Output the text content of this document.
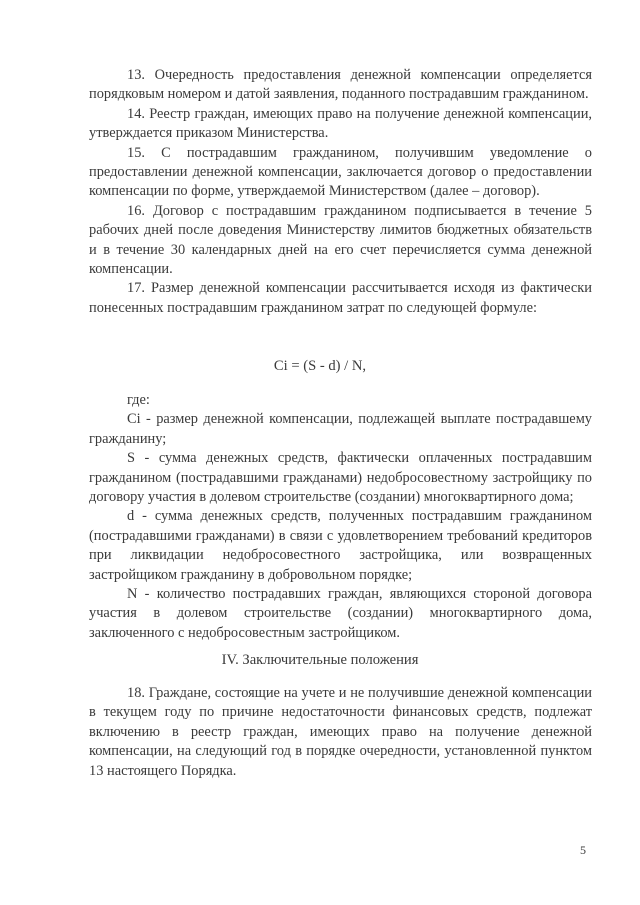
13. Очередность предоставления денежной компенсации определяется порядковым номером и датой заявления, поданного пострадавшим гражданином.

14. Реестр граждан, имеющих право на получение денежной компенсации, утверждается приказом Министерства.

15. С пострадавшим гражданином, получившим уведомление о предоставлении денежной компенсации, заключается договор о предоставлении компенсации по форме, утверждаемой Министерством (далее – договор).

16. Договор с пострадавшим гражданином подписывается в течение 5 рабочих дней после доведения Министерству лимитов бюджетных обязательств и в течение 30 календарных дней на его счет перечисляется сумма денежной компенсации.

17. Размер денежной компенсации рассчитывается исходя из фактически понесенных пострадавшим гражданином затрат по следующей формуле:

Ci = (S - d) / N,

где:

Ci - размер денежной компенсации, подлежащей выплате пострадавшему гражданину;

S - сумма денежных средств, фактически оплаченных пострадавшим гражданином (пострадавшими гражданами) недобросовестному застройщику по договору участия в долевом строительстве (создании) многоквартирного дома;

d - сумма денежных средств, полученных пострадавшим гражданином (пострадавшими гражданами) в связи с удовлетворением требований кредиторов при ликвидации недобросовестного застройщика, или возвращенных застройщиком гражданину в добровольном порядке;

N - количество пострадавших граждан, являющихся стороной договора участия в долевом строительстве (создании) многоквартирного дома, заключенного с недобросовестным застройщиком.

IV. Заключительные положения

18. Граждане, состоящие на учете и не получившие денежной компенсации в текущем году по причине недостаточности финансовых средств, подлежат включению в реестр граждан, имеющих право на получение денежной компенсации, на следующий год в порядке очередности, установленной пунктом 13 настоящего Порядка.

5
